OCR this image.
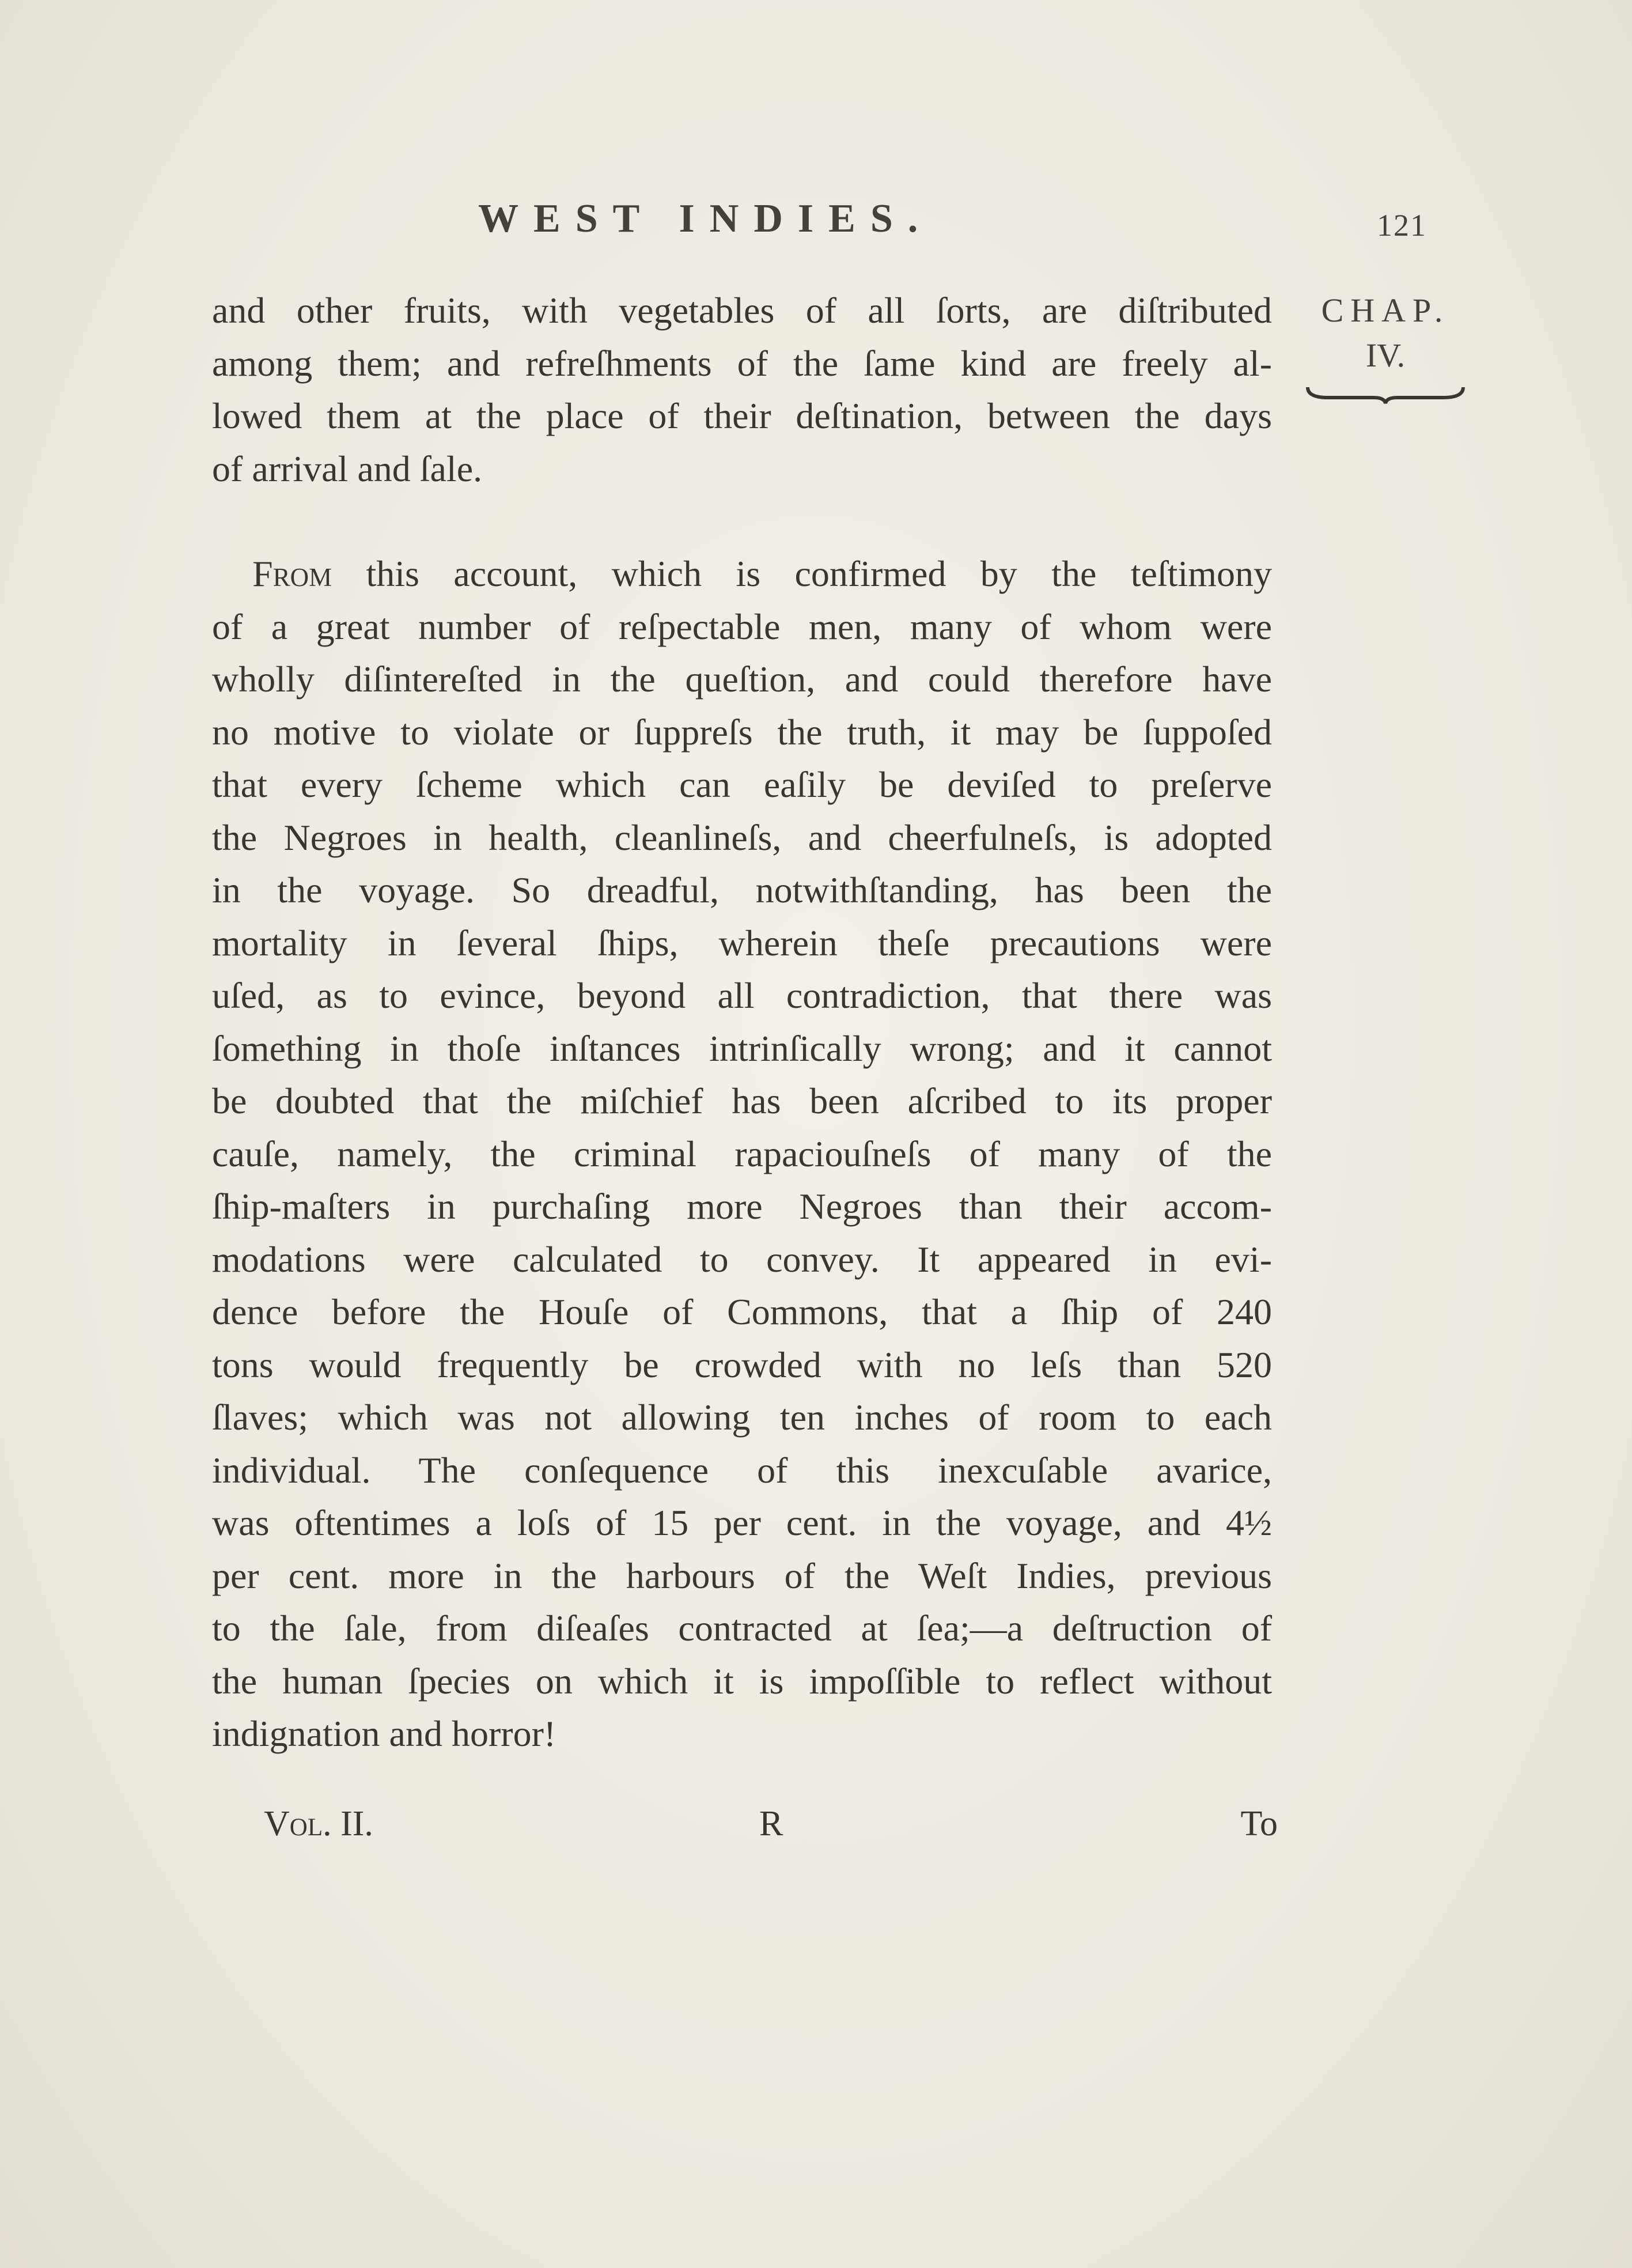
WEST INDIES.	121
CHAP.
IV.
and other fruits, with vegetables of all ſorts, are diſtributed
among them; and refreſhments of the ſame kind are freely al-
lowed them at the place of their deſtination, between the days
of arrival and ſale.
From this account, which is confirmed by the teſtimony
of a great number of reſpectable men, many of whom were
wholly diſintereſted in the queſtion, and could therefore have
no motive to violate or ſuppreſs the truth, it may be ſuppoſed
that every ſcheme which can eaſily be deviſed to preſerve
the Negroes in health, cleanlineſs, and cheerfulneſs, is adopted
in the voyage. So dreadful, notwithſtanding, has been the
mortality in ſeveral ſhips, wherein theſe precautions were
uſed, as to evince, beyond all contradiction, that there was
ſomething in thoſe inſtances intrinſically wrong; and it cannot
be doubted that the miſchief has been aſcribed to its proper
cauſe, namely, the criminal rapaciouſneſs of many of the
ſhip-maſters in purchaſing more Negroes than their accom-
modations were calculated to convey. It appeared in evi-
dence before the Houſe of Commons, that a ſhip of 240
tons would frequently be crowded with no leſs than 520
ſlaves; which was not allowing ten inches of room to each
individual. The conſequence of this inexcuſable avarice,
was oftentimes a loſs of 15 per cent. in the voyage, and 4½
per cent. more in the harbours of the Weſt Indies, previous
to the ſale, from diſeaſes contracted at ſea;—a deſtruction of
the human ſpecies on which it is impoſſible to reflect without
indignation and horror!
Vol. II.	R	To
